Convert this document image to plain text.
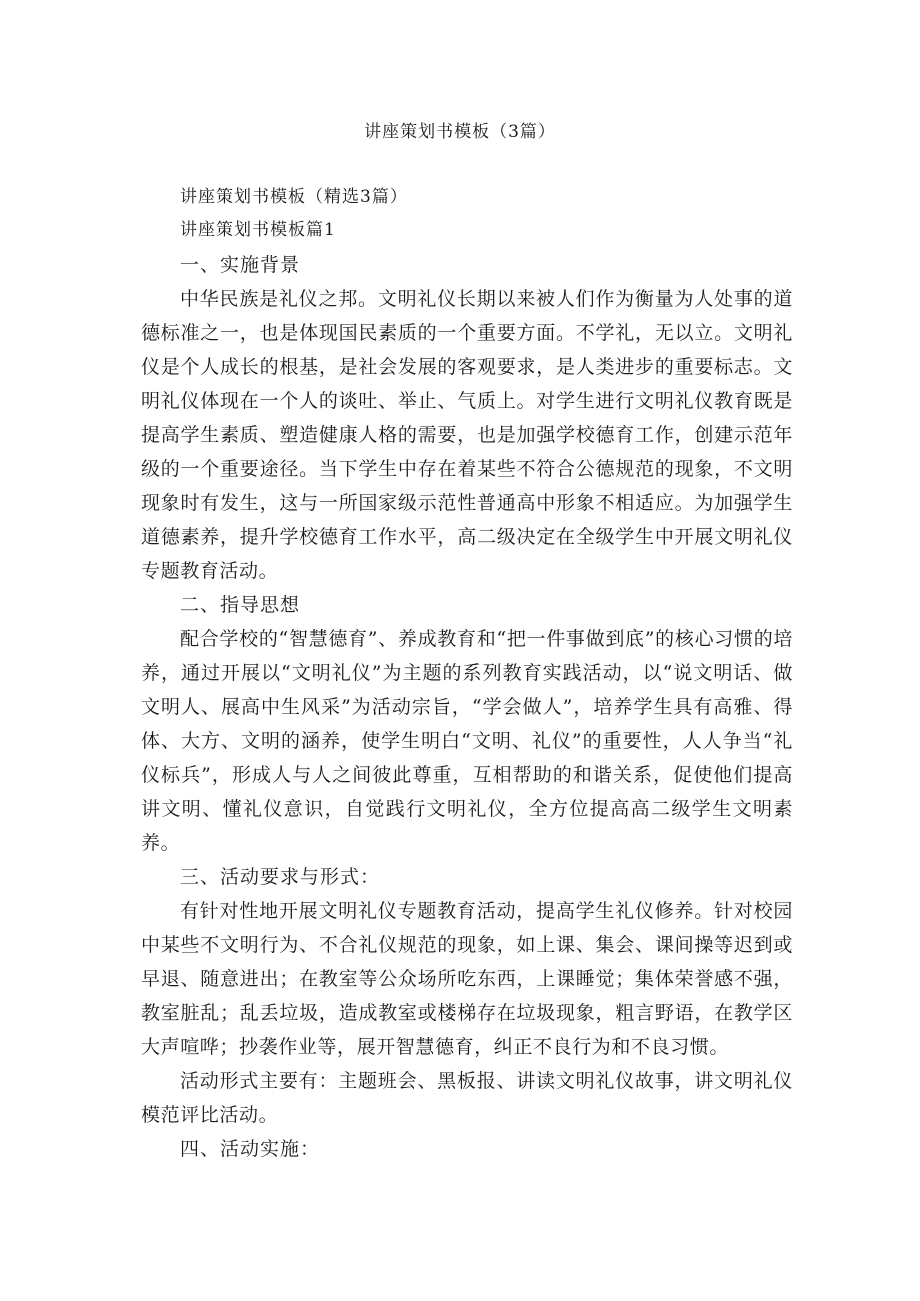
讲座策划书模板（3篇）
讲座策划书模板（精选3篇）
讲座策划书模板篇1
一、实施背景

中华民族是礼仪之邦。文明礼仪长期以来被人们作为衡量为人处事的道德标准之一，也是体现国民素质的一个重要方面。不学礼，无以立。文明礼仪是个人成长的根基，是社会发展的客观要求，是人类进步的重要标志。文明礼仪体现在一个人的谈吐、举止、气质上。对学生进行文明礼仪教育既是提高学生素质、塑造健康人格的需要，也是加强学校德育工作，创建示范年级的一个重要途径。当下学生中存在着某些不符合公德规范的现象，不文明现象时有发生，这与一所国家级示范性普通高中形象不相适应。为加强学生道德素养，提升学校德育工作水平，高二级决定在全级学生中开展文明礼仪专题教育活动。

二、指导思想

配合学校的“智慧德育”、养成教育和“把一件事做到底”的核心习惯的培养，通过开展以“文明礼仪”为主题的系列教育实践活动，以“说文明话、做文明人、展高中生风采”为活动宗旨，“学会做人”，培养学生具有高雅、得体、大方、文明的涵养，使学生明白“文明、礼仪”的重要性，人人争当“礼仪标兵”，形成人与人之间彼此尊重，互相帮助的和谐关系，促使他们提高讲文明、懂礼仪意识，自觉践行文明礼仪，全方位提高高二级学生文明素养。

三、活动要求与形式：

有针对性地开展文明礼仪专题教育活动，提高学生礼仪修养。针对校园中某些不文明行为、不合礼仪规范的现象，如上课、集会、课间操等迟到或早退、随意进出；在教室等公众场所吃东西，上课睡觉；集体荣誉感不强，教室脏乱；乱丢垃圾，造成教室或楼梯存在垃圾现象，粗言野语，在教学区大声喧哗；抄袭作业等，展开智慧德育，纠正不良行为和不良习惯。

活动形式主要有：主题班会、黑板报、讲读文明礼仪故事，讲文明礼仪模范评比活动。

四、活动实施：
